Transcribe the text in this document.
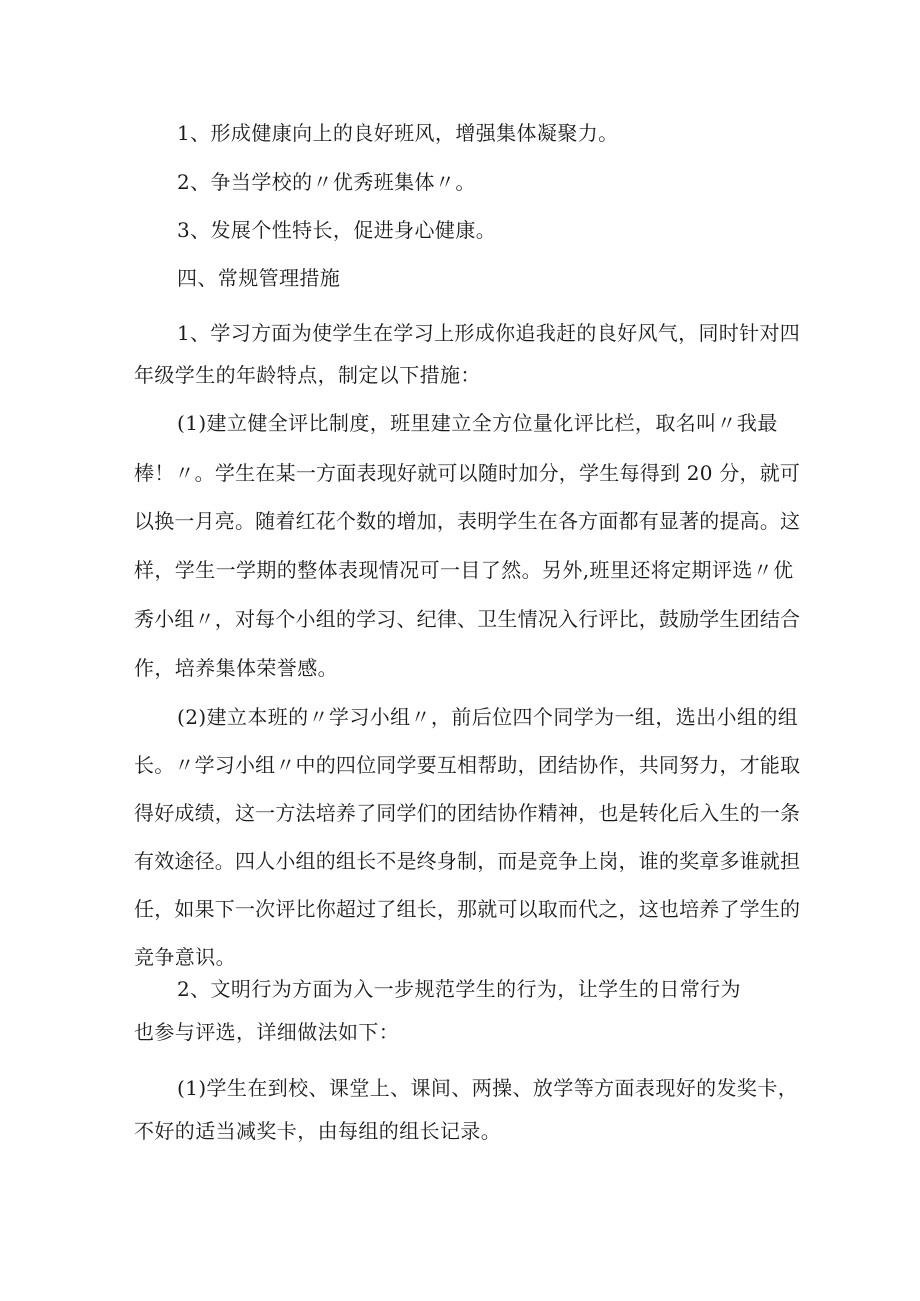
1、形成健康向上的良好班风，增强集体凝聚力。
2、争当学校的〃优秀班集体〃。
3、发展个性特长，促进身心健康。
四、常规管理措施
1、学习方面为使学生在学习上形成你追我赶的良好风气，同时针对四
年级学生的年龄特点，制定以下措施：
(1)建立健全评比制度，班里建立全方位量化评比栏，取名叫〃我最
棒！〃。学生在某一方面表现好就可以随时加分，学生每得到 20 分，就可
以换一月亮。随着红花个数的增加，表明学生在各方面都有显著的提高。这
样，学生一学期的整体表现情况可一目了然。另外,班里还将定期评选〃优
秀小组〃，对每个小组的学习、纪律、卫生情况入行评比，鼓励学生团结合
作，培养集体荣誉感。
(2)建立本班的〃学习小组〃，前后位四个同学为一组，选出小组的组
长。〃学习小组〃中的四位同学要互相帮助，团结协作，共同努力，才能取
得好成绩，这一方法培养了同学们的团结协作精神，也是转化后入生的一条
有效途径。四人小组的组长不是终身制，而是竞争上岗，谁的奖章多谁就担
任，如果下一次评比你超过了组长，那就可以取而代之，这也培养了学生的
竞争意识。
2、文明行为方面为入一步规范学生的行为，让学生的日常行为
也参与评选，详细做法如下：
(1)学生在到校、课堂上、课间、两操、放学等方面表现好的发奖卡，
不好的适当减奖卡，由每组的组长记录。
